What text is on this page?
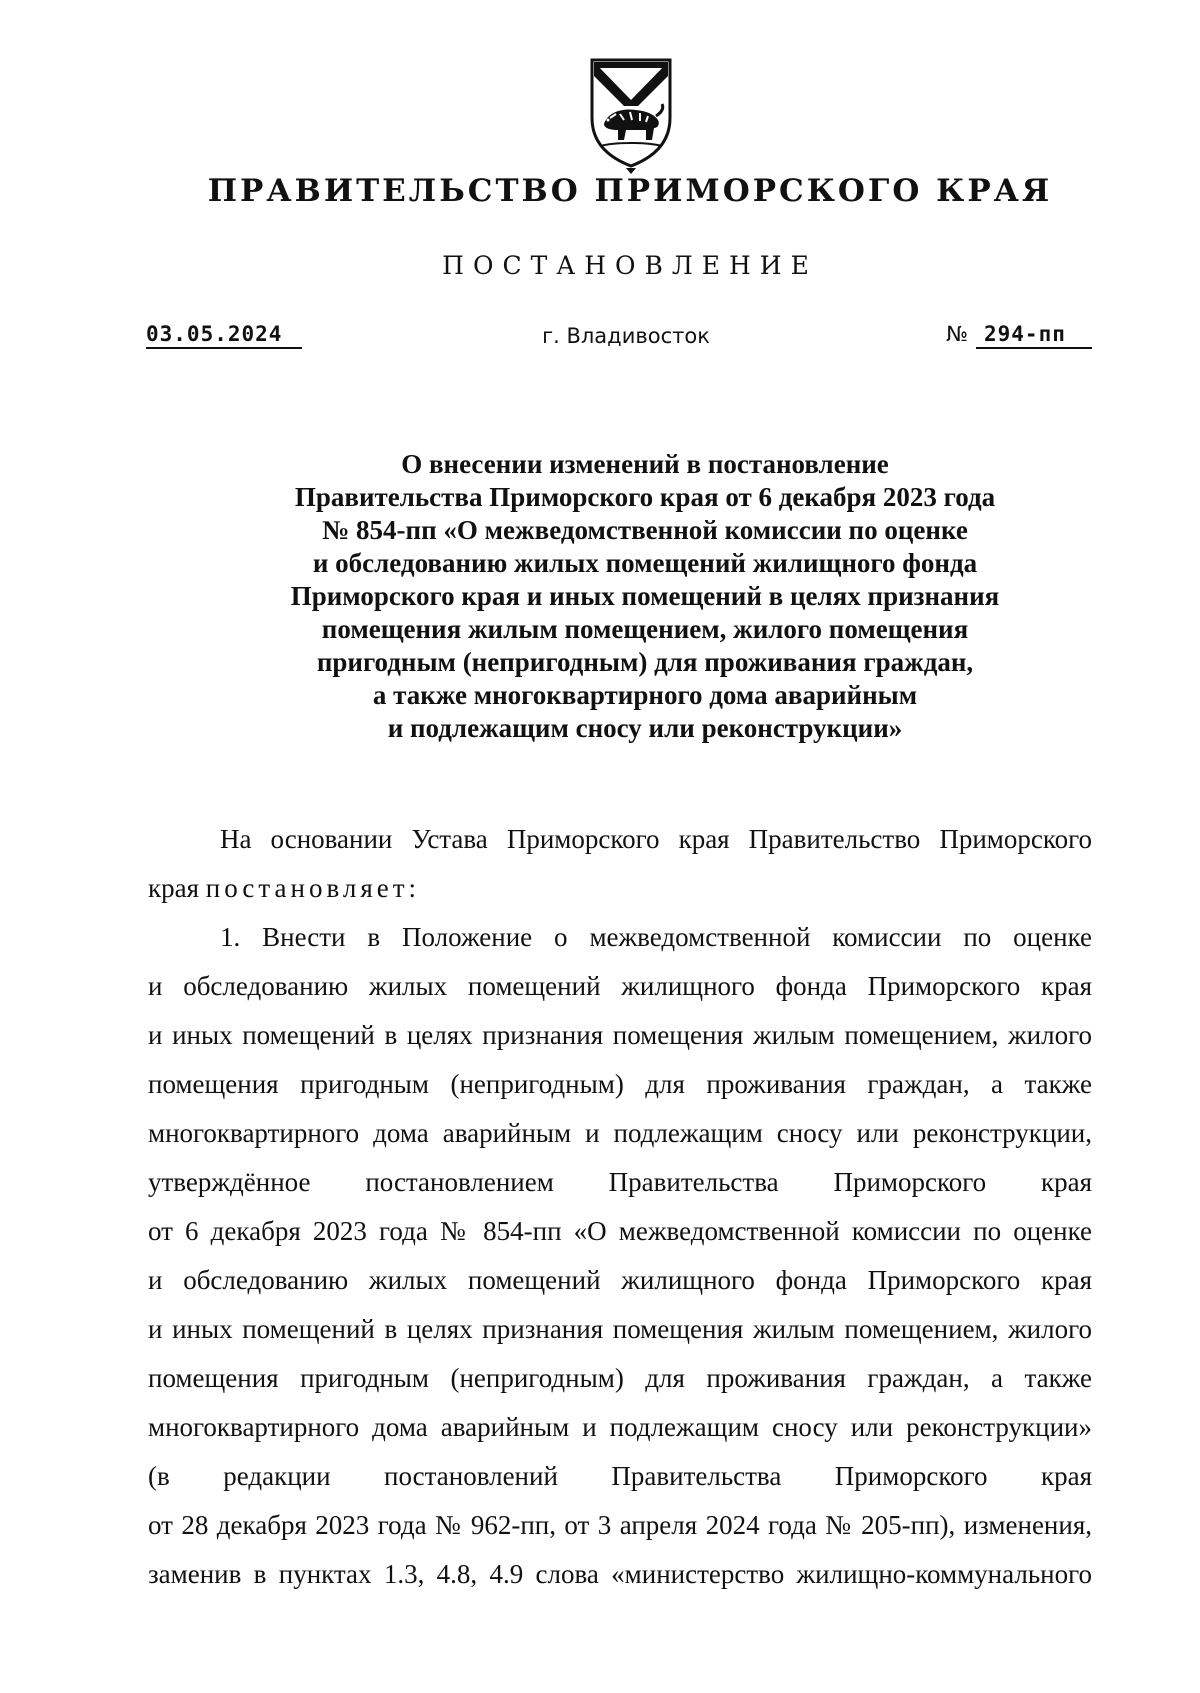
ПРАВИТЕЛЬСТВО ПРИМОРСКОГО КРАЯ
ПОСТАНОВЛЕНИЕ
03.05.2024	г. Владивосток	№ 294-пп
О внесении изменений в постановление
Правительства Приморского края от 6 декабря 2023 года
№ 854-пп «О межведомственной комиссии по оценке
и обследованию жилых помещений жилищного фонда
Приморского края и иных помещений в целях признания
помещения жилым помещением, жилого помещения
пригодным (непригодным) для проживания граждан,
а также многоквартирного дома аварийным
и подлежащим сносу или реконструкции»
На основании Устава Приморского края Правительство Приморского
края постановляет:
1. Внести в Положение о межведомственной комиссии по оценке
и обследованию жилых помещений жилищного фонда Приморского края
и иных помещений в целях признания помещения жилым помещением, жилого
помещения пригодным (непригодным) для проживания граждан, а также
многоквартирного дома аварийным и подлежащим сносу или реконструкции,
утверждённое постановлением Правительства Приморского края
от 6 декабря 2023 года № 854-пп «О межведомственной комиссии по оценке
и обследованию жилых помещений жилищного фонда Приморского края
и иных помещений в целях признания помещения жилым помещением, жилого
помещения пригодным (непригодным) для проживания граждан, а также
многоквартирного дома аварийным и подлежащим сносу или реконструкции»
(в редакции постановлений Правительства Приморского края
от 28 декабря 2023 года № 962-пп, от 3 апреля 2024 года № 205-пп), изменения,
заменив в пунктах 1.3, 4.8, 4.9 слова «министерство жилищно-коммунального
